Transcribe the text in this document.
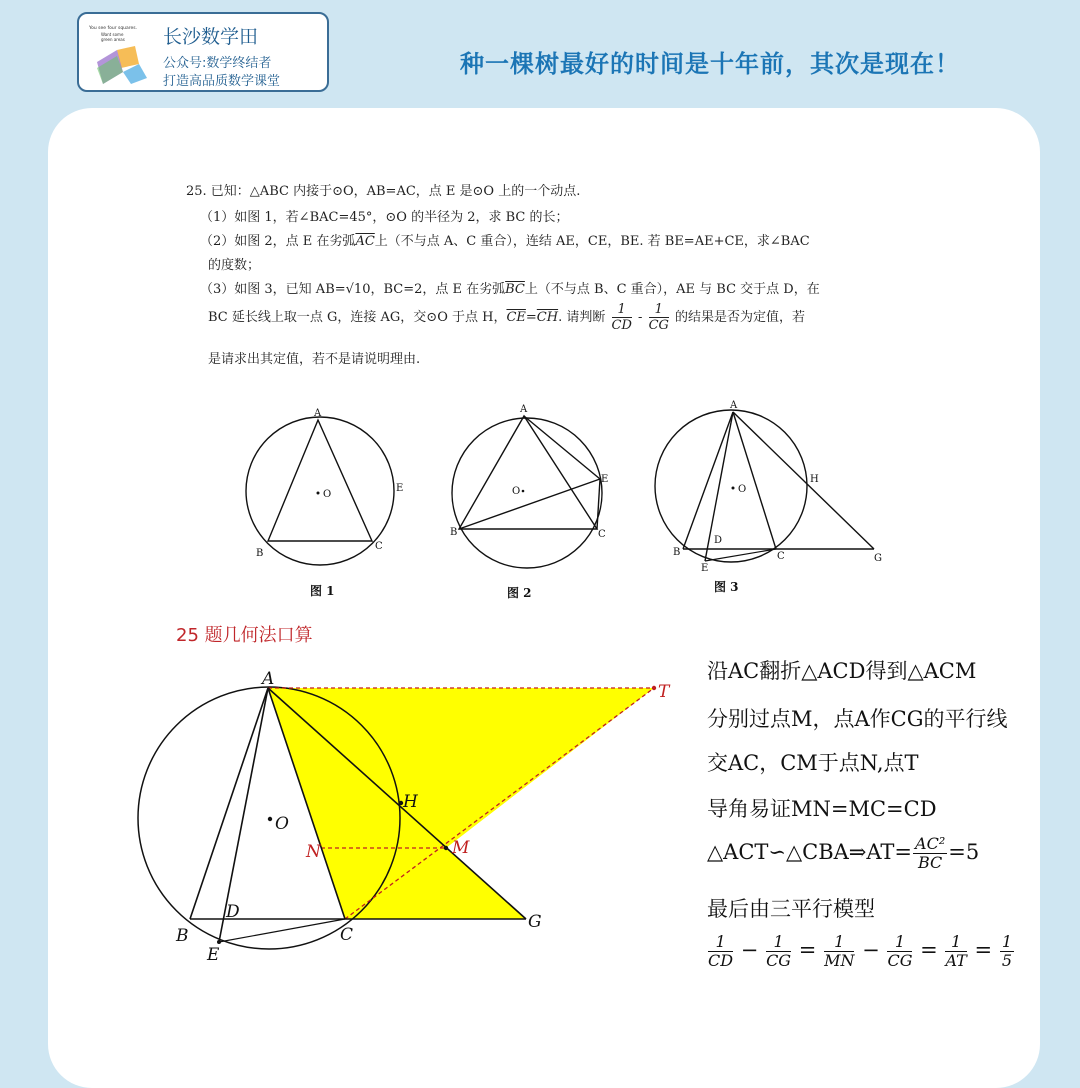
You see four squares.
Want some
green areas 长沙数学田
公众号:数学终结者
打造高品质数学课堂
种一棵树最好的时间是十年前，其次是现在！
25. 已知：△ABC 内接于⊙O，AB=AC，点 E 是⊙O 上的一个动点.
（1）如图 1，若∠BAC=45°，⊙O 的半径为 2，求 BC 的长；
（2）如图 2，点 E 在劣弧$\overline{AC}$上（不与点 A、C 重合），连结 AE，CE，BE. 若 BE=AE+CE，求∠BAC
的度数；
（3）如图 3，已知 AB=√10，BC=2，点 E 在劣弧$\overline{BC}$上（不与点 B、C 重合），AE 与 BC 交于点 D，在
BC 延长线上取一点 G，连接 AG，交⊙O 于点 H，$\overline{CE}=\overline{CH}$. 请判断 $\frac{1}{CD} - \frac{1}{CG}$ 的结果是否为定值，若
是请求出其定值，若不是请说明理由.
O
A
B
C
E
图 1
O
A
B	C
E
图 2
O
A
B	C
D
E
G
H
图 3
A
B	C
D
E
G
H
O
M
N
T
25 题几何法口算
沿AC翻折△ACD得到△ACM
分别过点M，点A作CG的平行线
交AC，CM于点N,点T
导角易证MN=MC=CD
△ACT∽△CBA⇒AT= $\frac{\text{AC²}}{BC} =5$
最后由三平行模型
$\frac{1}{CD} - \frac{1}{CG} = \frac{1}{MN} - \frac{1}{CG} = \frac{1}{AT} = \frac{1}{5}$
